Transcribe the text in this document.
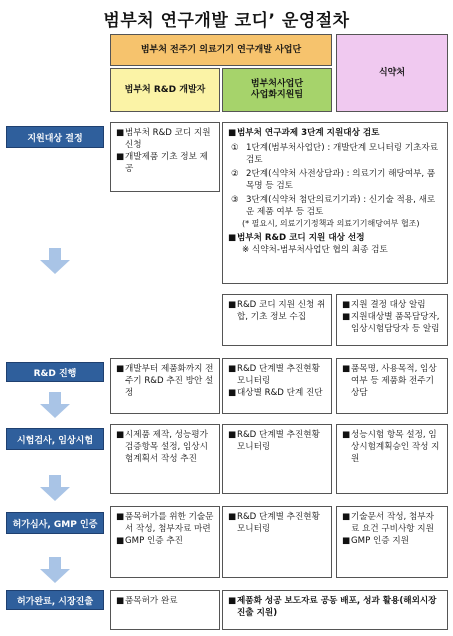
범부처 연구개발 코디’ 운영절차
범부처 전주기 의료기기 연구개발 사업단
식약처
범부처 R&D 개발자
범부처사업단
사업화지원팀
지원대상 결정
R&D 진행
시험검사, 임상시험
허가심사, GMP 인증
허가완료, 시장진출
■ 범부처 R&D 코디 지원 신청
■ 개발제품 기초 정보 제공
■ 범부처 연구과제 3단계 지원대상 검토
① 1단계(범부처사업단) : 개발단계 모니터링 기초자료 검토
② 2단계(식약처 사전상담과) : 의료기기 해당여부, 품목명 등 검토
③ 3단계(식약처 첨단의료기기과) : 신기술 적용, 새로운 제품 여부 등 검토
(* 필요시, 의료기기정책과 의료기기해당여부 협조)
■ 범부처 R&D 코디 지원 대상 선정
※ 식약처-범부처사업단 협의 최종 검토
■ R&D 코디 지원 신청 취합, 기초 정보 수집
■ 지원 결정 대상 알림
■ 지원대상별 품목담당자, 임상시험담당자 등 알림
■ 개발부터 제품화까지 전주기 R&D 추진 방안 설정
■ R&D 단계별 추진현황 모니터링
■ 대상별 R&D 단계 진단
■ 품목명, 사용목적, 임상여부 등 제품화 전주기 상담
■ 시제품 제작, 성능평가 검증항목 설정, 임상시험계획서 작성 추진
■ R&D 단계별 추진현황 모니터링
■ 성능시험 항목 설정, 임상시험계획승인 작성 지원
■ 품목허가를 위한 기술문서 작성, 첨부자료 마련
■ GMP 인증 추진
■ R&D 단계별 추진현황 모니터링
■ 기술문서 작성, 첨부자료 요건 구비사항 지원
■ GMP 인증 지원
■ 품목허가 완료	■ 제품화 성공 보도자료 공동 배포, 성과 활용(해외시장 진출 지원)
